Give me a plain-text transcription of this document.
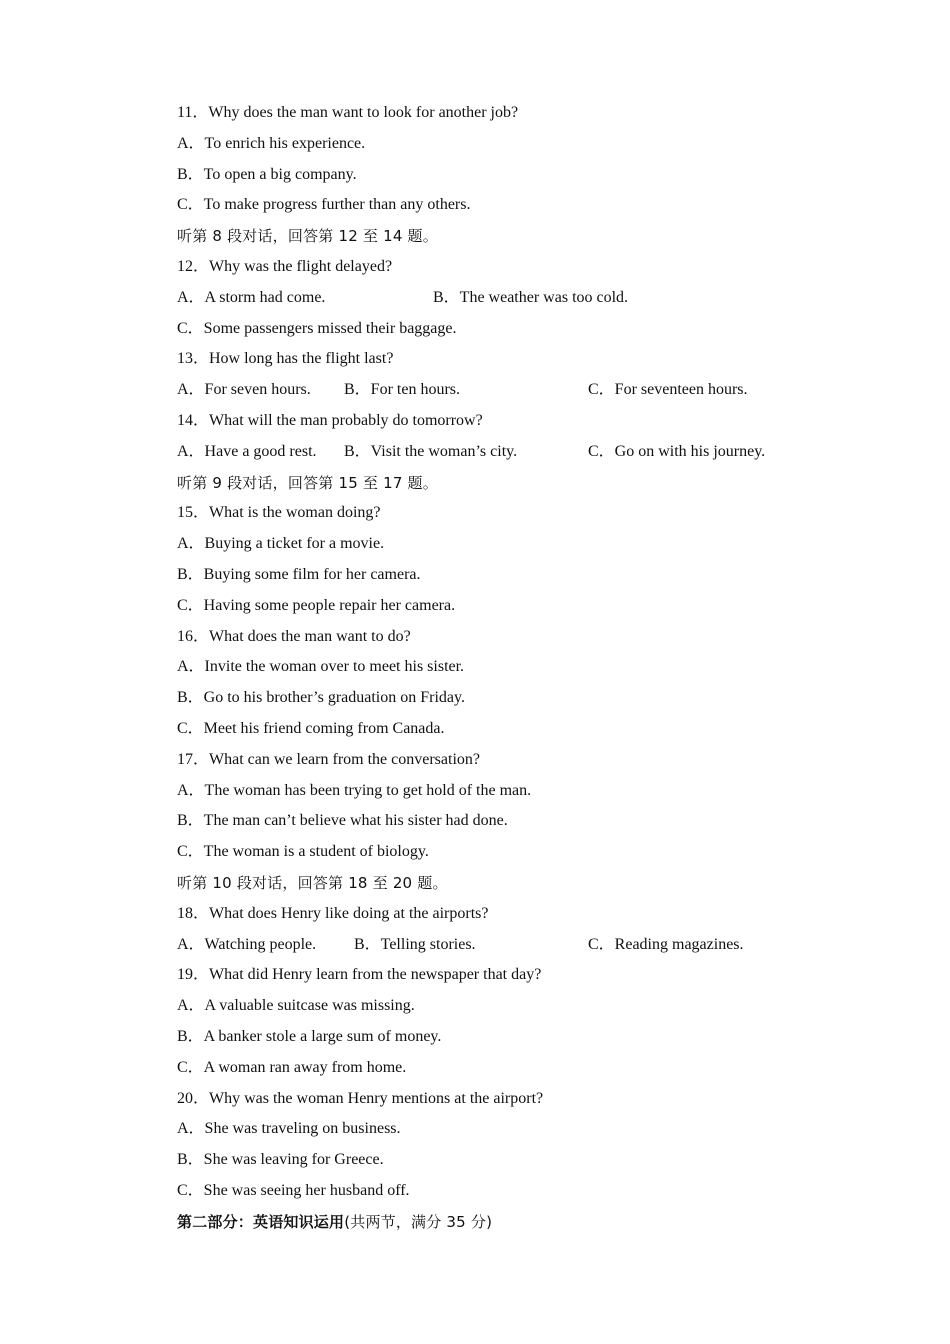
11．Why does the man want to look for another job?
A．To enrich his experience.
B．To open a big company.
C．To make progress further than any others.
听第 8 段对话，回答第 12 至 14 题。
12．Why was the flight delayed?
A．A storm had come.	B．The weather was too cold.
C．Some passengers missed their baggage.
13．How long has the flight last?
A．For seven hours. B．For ten hours.	C．For seventeen hours.
14．What will the man probably do tomorrow?
A．Have a good rest. B．Visit the woman’s city.	C．Go on with his journey.
听第 9 段对话，回答第 15 至 17 题。
15．What is the woman doing?
A．Buying a ticket for a movie.
B．Buying some film for her camera.
C．Having some people repair her camera.
16．What does the man want to do?
A．Invite the woman over to meet his sister.
B．Go to his brother’s graduation on Friday.
C．Meet his friend coming from Canada.
17．What can we learn from the conversation?
A．The woman has been trying to get hold of the man.
B．The man can’t believe what his sister had done.
C．The woman is a student of biology.
听第 10 段对话，回答第 18 至 20 题。
18．What does Henry like doing at the airports?
A．Watching people. B．Telling stories.	C．Reading magazines.
19．What did Henry learn from the newspaper that day?
A．A valuable suitcase was missing.
B．A banker stole a large sum of money.
C．A woman ran away from home.
20．Why was the woman Henry mentions at the airport?
A．She was traveling on business.
B．She was leaving for Greece.
C．She was seeing her husband off.
第二部分：英语知识运用(共两节，满分 35 分)
